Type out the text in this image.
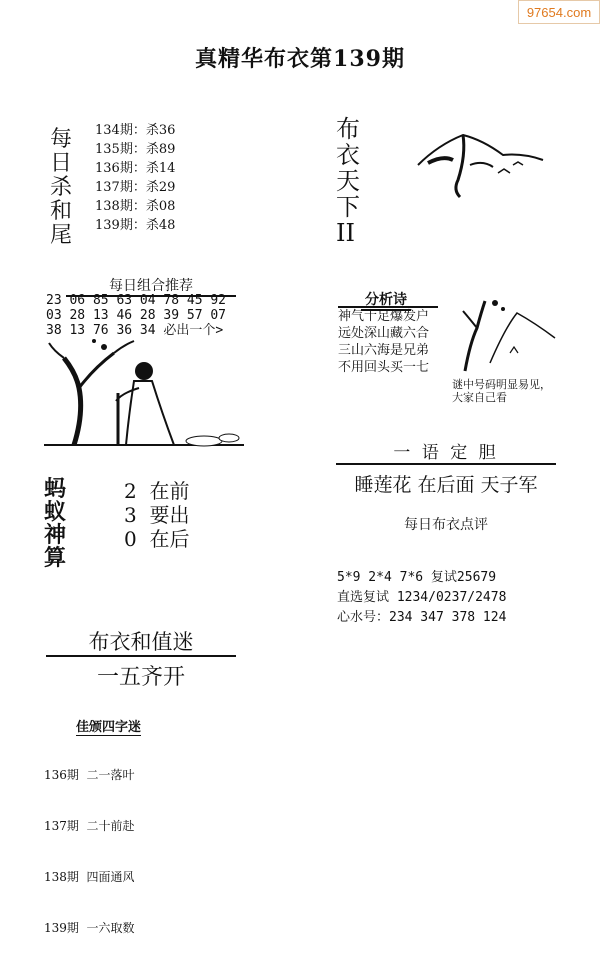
97654.com
真精华布衣第139期
每
日
杀
和
尾
134期：杀36
135期：杀89
136期：杀14
137期：杀29
138期：杀08
139期：杀48
每日组合推荐
23 06 85 63 04 78 45 92
03 28 13 46 28 39 57 07
38 13 76 36 34 必出一个>
蚂
蚁
神
算
2  在前
3  要出
0  在后
布衣和值迷
一五齐开
佳颁四字迷

136期  二一落叶

137期  二十前赴

138期  四面通风

139期  一六取数

布
衣
天
下
II
分析诗
神气十足爆发户
远处深山藏六合
三山六海是兄弟
不用回头买一七
谜中号码明显易见，
大家自己看
一 语 定 胆
睡莲花 在后面 天子军
每日布衣点评
5*9 2*4 7*6 复试25679
直选复试 1234/0237/2478
心水号：234 347 378 124
